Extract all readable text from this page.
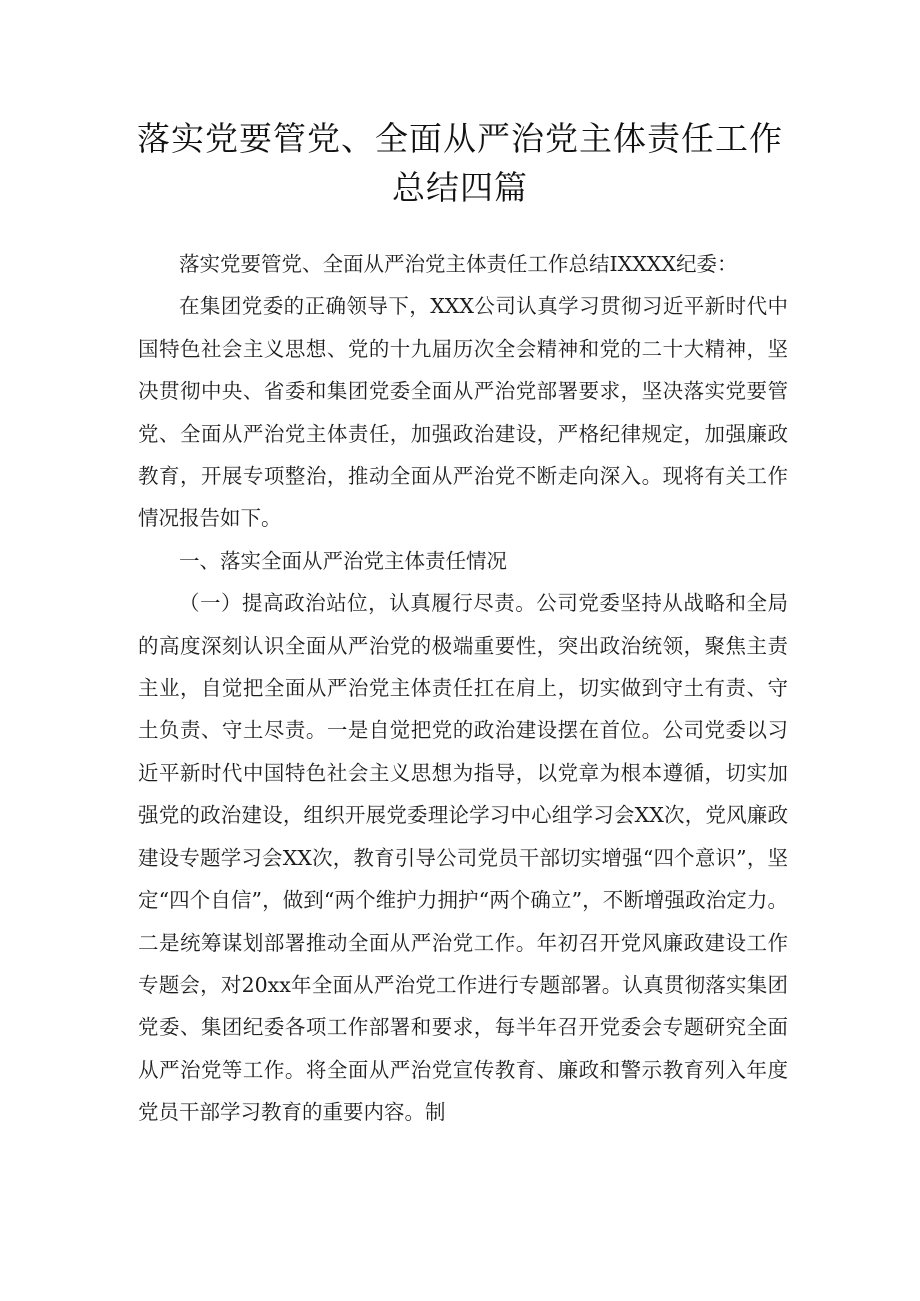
落实党要管党、全面从严治党主体责任工作
总结四篇

落实党要管党、全面从严治党主体责任工作总结IXXXX纪委：

在集团党委的正确领导下，XXX公司认真学习贯彻习近平新时代中国特色社会主义思想、党的十九届历次全会精神和党的二十大精神，坚决贯彻中央、省委和集团党委全面从严治党部署要求，坚决落实党要管党、全面从严治党主体责任，加强政治建设，严格纪律规定，加强廉政教育，开展专项整治，推动全面从严治党不断走向深入。现将有关工作情况报告如下。

一、落实全面从严治党主体责任情况

（一）提高政治站位，认真履行尽责。公司党委坚持从战略和全局的高度深刻认识全面从严治党的极端重要性，突出政治统领，聚焦主责主业，自觉把全面从严治党主体责任扛在肩上，切实做到守土有责、守土负责、守土尽责。一是自觉把党的政治建设摆在首位。公司党委以习近平新时代中国特色社会主义思想为指导，以党章为根本遵循，切实加强党的政治建设，组织开展党委理论学习中心组学习会XX次，党风廉政建设专题学习会XX次，教育引导公司党员干部切实增强“四个意识”，坚定“四个自信”，做到“两个维护力拥护“两个确立”，不断增强政治定力。二是统筹谋划部署推动全面从严治党工作。年初召开党风廉政建设工作专题会，对20xx年全面从严治党工作进行专题部署。认真贯彻落实集团党委、集团纪委各项工作部署和要求，每半年召开党委会专题研究全面从严治党等工作。将全面从严治党宣传教育、廉政和警示教育列入年度党员干部学习教育的重要内容。制
